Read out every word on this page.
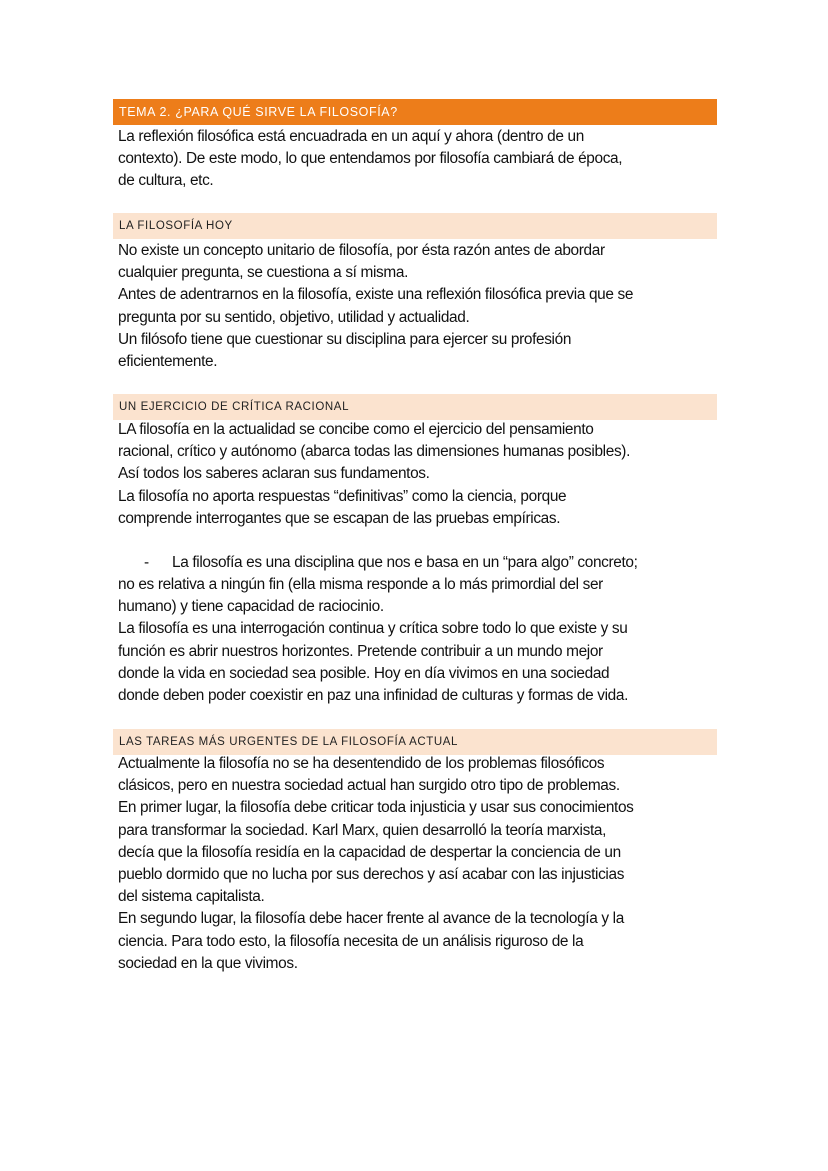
TEMA 2. ¿PARA QUÉ SIRVE LA FILOSOFÍA?
La reflexión filosófica está encuadrada en un aquí y ahora (dentro de un
contexto). De este modo, lo que entendamos por filosofía cambiará de época,
de cultura, etc.
LA FILOSOFÍA HOY
No existe un concepto unitario de filosofía, por ésta razón antes de abordar
cualquier pregunta, se cuestiona a sí misma.
Antes de adentrarnos en la filosofía, existe una reflexión filosófica previa que se
pregunta por su sentido, objetivo, utilidad y actualidad.
Un filósofo tiene que cuestionar su disciplina para ejercer su profesión
eficientemente.
UN EJERCICIO DE CRÍTICA RACIONAL
LA filosofía en la actualidad se concibe como el ejercicio del pensamiento
racional, crítico y autónomo (abarca todas las dimensiones humanas posibles).
Así todos los saberes aclaran sus fundamentos.
La filosofía no aporta respuestas “definitivas” como la ciencia, porque
comprende interrogantes que se escapan de las pruebas empíricas.
- La filosofía es una disciplina que nos e basa en un “para algo” concreto;
no es relativa a ningún fin (ella misma responde a lo más primordial del ser
humano) y tiene capacidad de raciocinio.
La filosofía es una interrogación continua y crítica sobre todo lo que existe y su
función es abrir nuestros horizontes. Pretende contribuir a un mundo mejor
donde la vida en sociedad sea posible. Hoy en día vivimos en una sociedad
donde deben poder coexistir en paz una infinidad de culturas y formas de vida.
LAS TAREAS MÁS URGENTES DE LA FILOSOFÍA ACTUAL
Actualmente la filosofía no se ha desentendido de los problemas filosóficos
clásicos, pero en nuestra sociedad actual han surgido otro tipo de problemas.
En primer lugar, la filosofía debe criticar toda injusticia y usar sus conocimientos
para transformar la sociedad. Karl Marx, quien desarrolló la teoría marxista,
decía que la filosofía residía en la capacidad de despertar la conciencia de un
pueblo dormido que no lucha por sus derechos y así acabar con las injusticias
del sistema capitalista.
En segundo lugar, la filosofía debe hacer frente al avance de la tecnología y la
ciencia. Para todo esto, la filosofía necesita de un análisis riguroso de la
sociedad en la que vivimos.
